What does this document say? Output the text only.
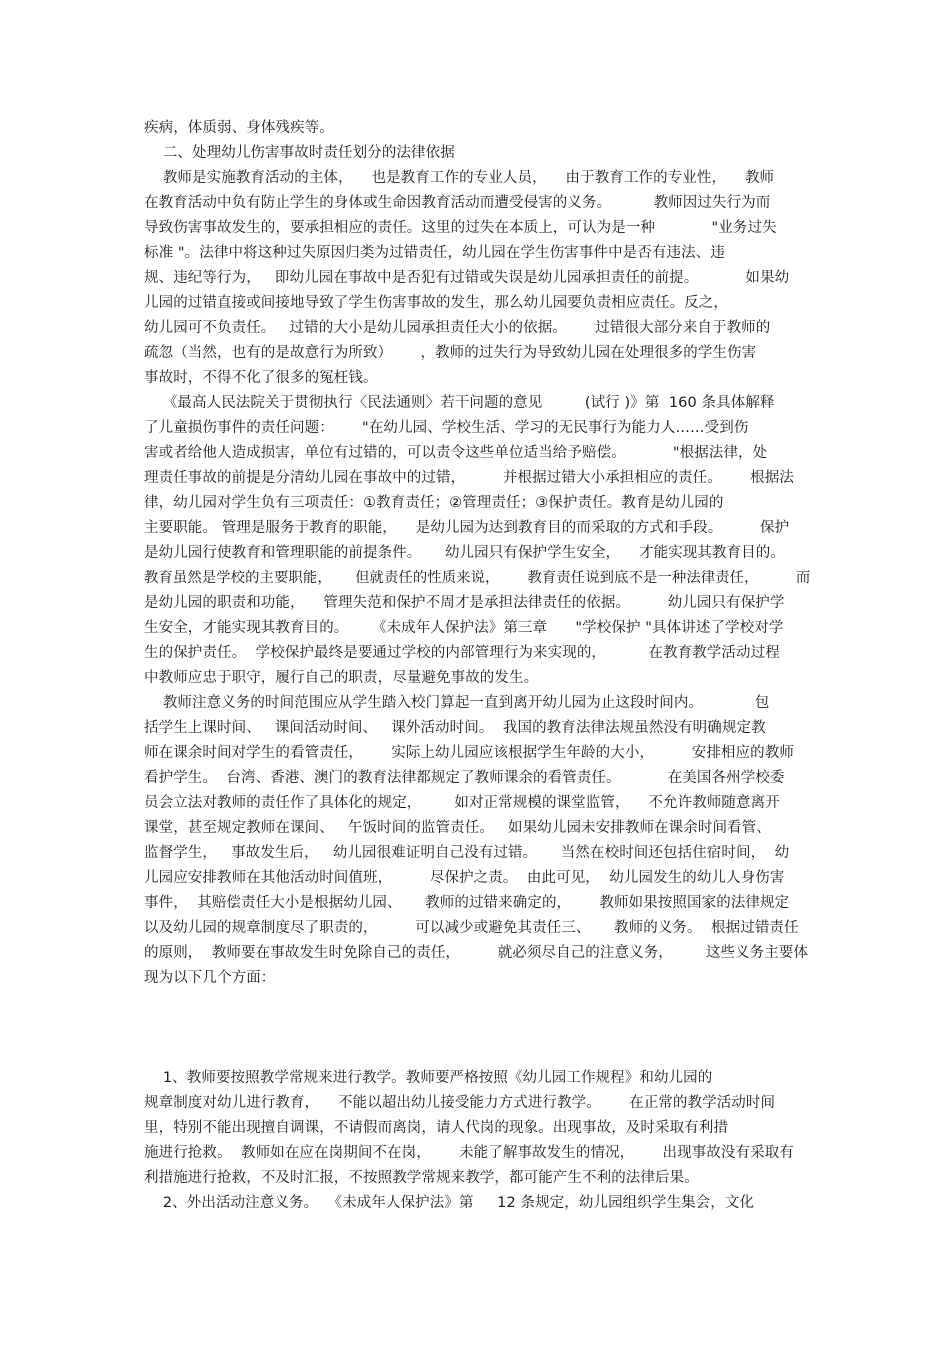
疾病，体质弱、身体残疾等。
二、处理幼儿伤害事故时责任划分的法律依据
教师是实施教育活动的主体，    也是教育工作的专业人员，    由于教育工作的专业性，    教师
在教育活动中负有防止学生的身体或生命因教育活动而遭受侵害的义务。         教师因过失行为而
导致伤害事故发生的，要承担相应的责任。这里的过失在本质上，可认为是一种            "业务过失
标准 "。法律中将这种过失原因归类为过错责任，幼儿园在学生伤害事件中是否有违法、违
规、违纪等行为，   即幼儿园在事故中是否犯有过错或失误是幼儿园承担责任的前提。          如果幼
儿园的过错直接或间接地导致了学生伤害事故的发生，那么幼儿园要负责相应责任。反之，
幼儿园可不负责任。   过错的大小是幼儿园承担责任大小的依据。      过错很大部分来自于教师的
疏忽（当然，也有的是故意行为所致）      ，教师的过失行为导致幼儿园在处理很多的学生伤害
事故时，不得不化了很多的冤枉钱。
《最高人民法院关于贯彻执行〈民法通则〉若干问题的意见         (试行 )》第  160 条具体解释
了儿童损伤事件的责任问题：      "在幼儿园、学校生活、学习的无民事行为能力人……受到伤
害或者给他人造成损害，单位有过错的，可以责令这些单位适当给予赔偿。          "根据法律，处
理责任事故的前提是分清幼儿园在事故中的过错，        并根据过错大小承担相应的责任。      根据法
律，幼儿园对学生负有三项责任：①教育责任；②管理责任；③保护责任。教育是幼儿园的
主要职能。 管理是服务于教育的职能，    是幼儿园为达到教育目的而采取的方式和手段。        保护
是幼儿园行使教育和管理职能的前提条件。     幼儿园只有保护学生安全，    才能实现其教育目的。
教育虽然是学校的主要职能，     但就责任的性质来说，      教育责任说到底不是一种法律责任，        而
是幼儿园的职责和功能，    管理失范和保护不周才是承担法律责任的依据。        幼儿园只有保护学
生安全，才能实现其教育目的。     《未成年人保护法》第三章      "学校保护 "具体讲述了学校对学
生的保护责任。  学校保护最终是要通过学校的内部管理行为来实现的，         在教育教学活动过程
中教师应忠于职守，履行自己的职责，尽量避免事故的发生。
教师注意义务的时间范围应从学生踏入校门算起一直到离开幼儿园为止这段时间内。           包
括学生上课时间、   课间活动时间、   课外活动时间。  我国的教育法律法规虽然没有明确规定教
师在课余时间对学生的看管责任，      实际上幼儿园应该根据学生年龄的大小，        安排相应的教师
看护学生。  台湾、香港、澳门的教育法律都规定了教师课余的看管责任。          在美国各州学校委
员会立法对教师的责任作了具体化的规定，       如对正常规模的课堂监管，    不允许教师随意离开
课堂，甚至规定教师在课间、   午饭时间的监管责任。   如果幼儿园未安排教师在课余时间看管、
监督学生，   事故发生后，   幼儿园很难证明自己没有过错。     当然在校时间还包括住宿时间，  幼
儿园应安排教师在其他活动时间值班，        尽保护之责。  由此可见，  幼儿园发生的幼儿人身伤害
事件，  其赔偿责任大小是根据幼儿园、     教师的过错来确定的，      教师如果按照国家的法律规定
以及幼儿园的规章制度尽了职责的，        可以减少或避免其责任三、     教师的义务。  根据过错责任
的原则，  教师要在事故发生时免除自己的责任，        就必须尽自己的注意义务，       这些义务主要体
现为以下几个方面：
1、教师要按照教学常规来进行教学。教师要严格按照《幼儿园工作规程》和幼儿园的
规章制度对幼儿进行教育，    不能以超出幼儿接受能力方式进行教学。      在正常的教学活动时间
里，特别不能出现擅自调课，不请假而离岗，请人代岗的现象。出现事故，及时采取有利措
施进行抢救。  教师如在应在岗期间不在岗，      未能了解事故发生的情况，      出现事故没有采取有
利措施进行抢救，不及时汇报，不按照教学常规来教学，都可能产生不利的法律后果。
2、外出活动注意义务。  《未成年人保护法》第     12 条规定，幼儿园组织学生集会，文化
